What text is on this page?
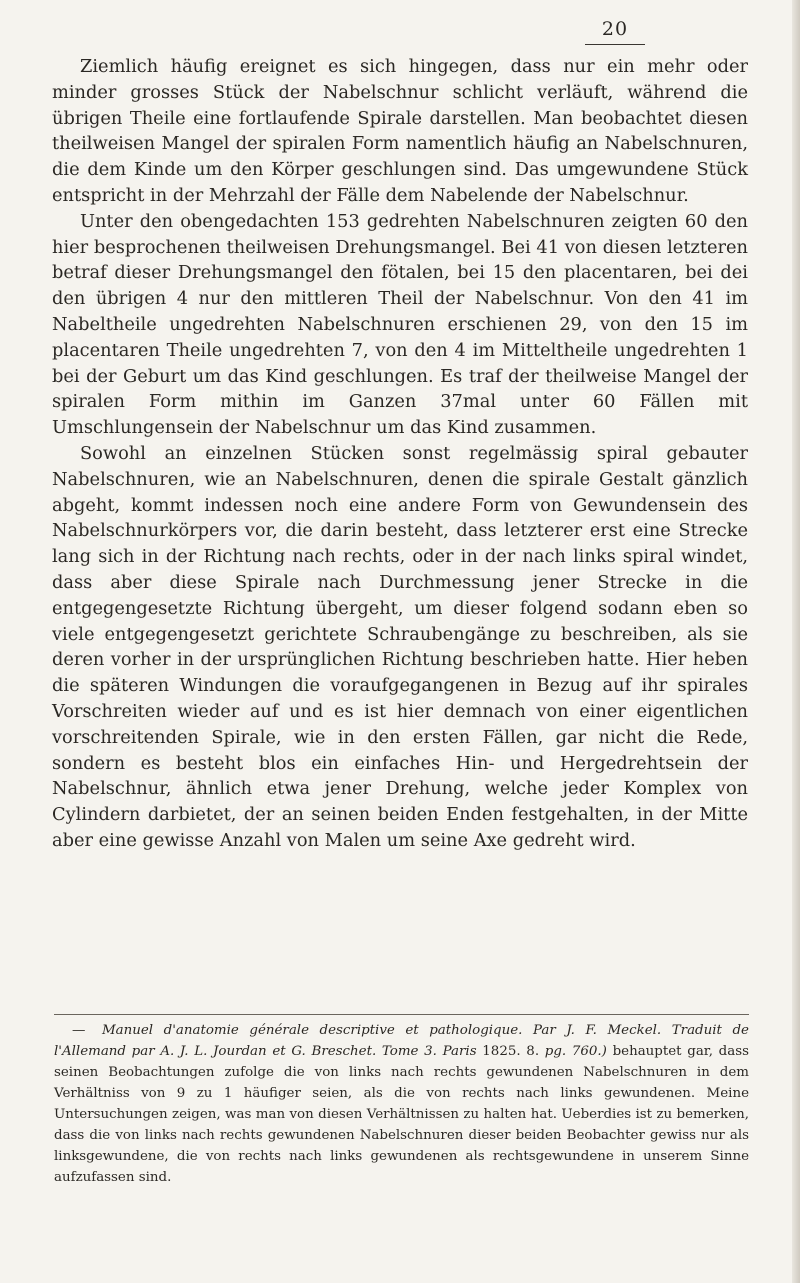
20

Ziemlich häufig ereignet es sich hingegen, dass nur ein mehr oder minder grosses Stück der Nabelschnur schlicht verläuft, während die übrigen Theile eine fortlaufende Spirale darstellen. Man beobachtet diesen theilweisen Mangel der spiralen Form namentlich häufig an Nabelschnuren, die dem Kinde um den Körper geschlungen sind. Das umgewundene Stück entspricht in der Mehrzahl der Fälle dem Nabelende der Nabelschnur.

Unter den obengedachten 153 gedrehten Nabelschnuren zeigten 60 den hier besprochenen theilweisen Drehungsmangel. Bei 41 von diesen letzteren betraf dieser Drehungsmangel den fötalen, bei 15 den placentaren, bei dei den übrigen 4 nur den mittleren Theil der Nabelschnur. Von den 41 im Nabeltheile ungedrehten Nabelschnuren erschienen 29, von den 15 im placentaren Theile ungedrehten 7, von den 4 im Mitteltheile ungedrehten 1 bei der Geburt um das Kind geschlungen. Es traf der theilweise Mangel der spiralen Form mithin im Ganzen 37mal unter 60 Fällen mit Umschlungensein der Nabelschnur um das Kind zusammen.

Sowohl an einzelnen Stücken sonst regelmässig spiral gebauter Nabelschnuren, wie an Nabelschnuren, denen die spirale Gestalt gänzlich abgeht, kommt indessen noch eine andere Form von Gewundensein des Nabelschnurkörpers vor, die darin besteht, dass letzterer erst eine Strecke lang sich in der Richtung nach rechts, oder in der nach links spiral windet, dass aber diese Spirale nach Durchmessung jener Strecke in die entgegengesetzte Richtung übergeht, um dieser folgend sodann eben so viele entgegengesetzt gerichtete Schraubengänge zu beschreiben, als sie deren vorher in der ursprünglichen Richtung beschrieben hatte. Hier heben die späteren Windungen die voraufgegangenen in Bezug auf ihr spirales Vorschreiten wieder auf und es ist hier demnach von einer eigentlichen vorschreitenden Spirale, wie in den ersten Fällen, gar nicht die Rede, sondern es besteht blos ein einfaches Hin- und Hergedrehtsein der Nabelschnur, ähnlich etwa jener Drehung, welche jeder Komplex von Cylindern darbietet, der an seinen beiden Enden festgehalten, in der Mitte aber eine gewisse Anzahl von Malen um seine Axe gedreht wird.

— Manuel d'anatomie générale descriptive et pathologique. Par J. F. Meckel. Traduit de l'Allemand par A. J. L. Jourdan et G. Breschet. Tome 3. Paris 1825. 8. pg. 760.) behauptet gar, dass seinen Beobachtungen zufolge die von links nach rechts gewundenen Nabelschnuren in dem Verhältniss von 9 zu 1 häufiger seien, als die von rechts nach links gewundenen. Meine Untersuchungen zeigen, was man von diesen Verhältnissen zu halten hat. Ueberdies ist zu bemerken, dass die von links nach rechts gewundenen Nabelschnuren dieser beiden Beobachter gewiss nur als linksgewundene, die von rechts nach links gewundenen als rechtsgewundene in unserem Sinne aufzufassen sind.
